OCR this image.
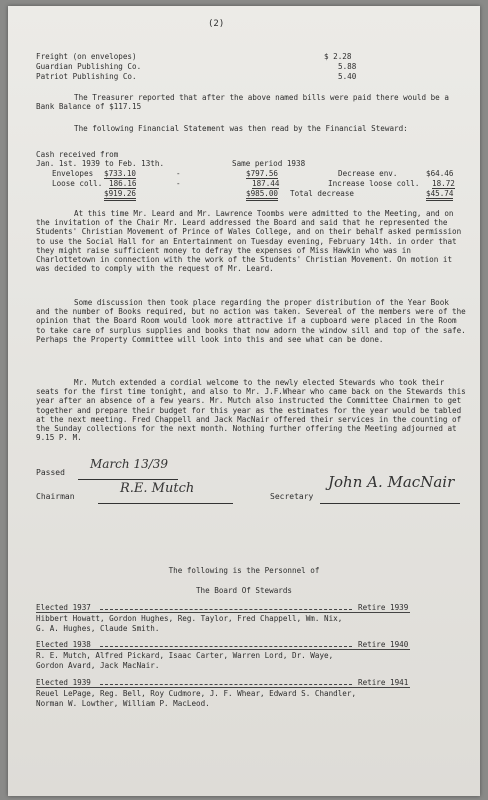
(2)
Freight (on envelopes)	$ 2.28
Guardian Publishing Co.	5.88
Patriot Publishing Co.	5.40
The Treasurer reported that after the above named bills were paid there would be a Bank Balance of $117.15
The following Financial Statement was then read by the Financial Steward:
Cash received from
Jan. 1st. 1939 to Feb. 13th.	Same period 1938
Envelopes $733.10	-	$797.56	Decrease env.	$64.46
Loose coll. 186.16	-	187.44	Increase loose coll. 18.72
$919.26	$985.00 Total decrease	$45.74
At this time Mr. Leard and Mr. Lawrence Toombs were admitted to the Meeting, and on the invitation of the Chair Mr. Leard addressed the Board and said that he represented the Students' Christian Movement of Prince of Wales College, and on their behalf asked permission to use the Social Hall for an Entertainment on Tuesday evening, February 14th. in order that they might raise sufficient money to defray the expenses of Miss Hawkin who was in Charlottetown in connection with the work of the Students' Christian Movement. On motion it was decided to comply with the request of Mr. Leard.
Some discussion then took place regarding the proper distribution of the Year Book and the number of Books required, but no action was taken. Severeal of the members were of the opinion that the Board Room would look more attractive if a cupboard were placed in the Room to take care of surplus supplies and books that now adorn the window sill and top of the safe. Perhaps the Property Committee will look into this and see what can be done.
Mr. Mutch extended a cordial welcome to the newly elected Stewards who took their seats for the first time tonight, and also to Mr. J.F.Whear who came back on the Stewards this year after an absence of a few years. Mr. Mutch also instructed the Committee Chairmen to get together and prepare their budget for this year as the estimates for the year would be tabled at the next meeting. Fred Chappell and Jack MacNair offered their services in the counting of the Sunday collections for the next month. Nothing further offering the Meeting adjourned at 9.15 P. M.
Passed
March 13/39
Chairman
R.E. Mutch
Secretary
John A. MacNair
The following is the Personnel of
The Board Of Stewards
Elected 1937	Retire 1939
Hibbert Howatt, Gordon Hughes, Reg. Taylor, Fred Chappell, Wm. Nix,
G. A. Hughes, Claude Smith.
Elected 1938	Retire 1940
R. E. Mutch, Alfred Pickard, Isaac Carter, Warren Lord, Dr. Waye,
Gordon Avard, Jack MacNair.
Elected 1939	Retire 1941
Reuel LePage, Reg. Bell, Roy Cudmore, J. F. Whear, Edward S. Chandler,
Norman W. Lowther, William P. MacLeod.
